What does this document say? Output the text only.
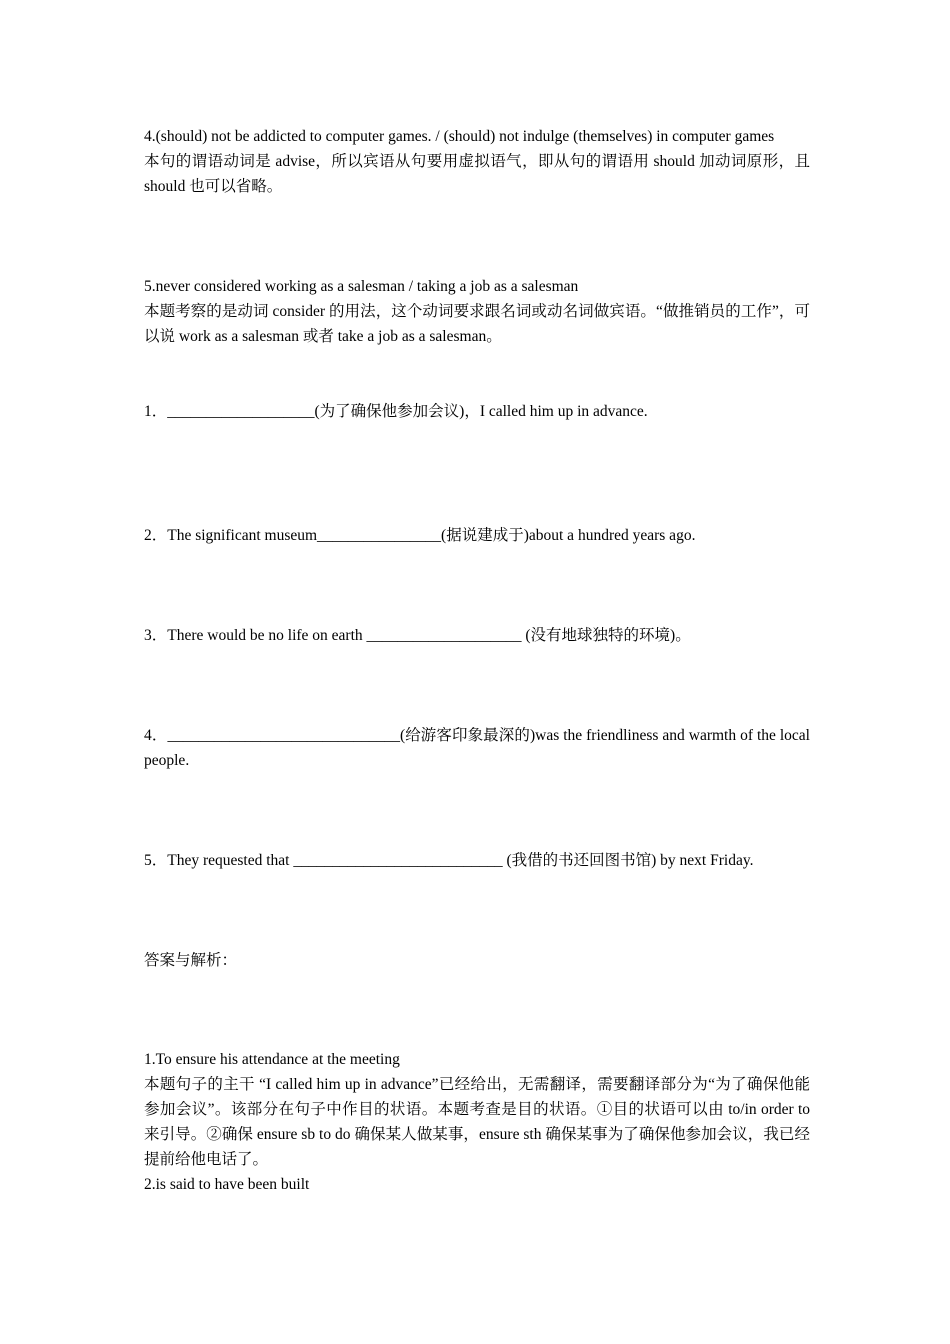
4.(should) not be addicted to computer games. / (should) not indulge (themselves) in computer games

本句的谓语动词是 advise，所以宾语从句要用虚拟语气，即从句的谓语用 should 加动词原形，且 should 也可以省略。

5.never considered working as a salesman / taking a job as a salesman

本题考察的是动词 consider 的用法，这个动词要求跟名词或动名词做宾语。“做推销员的工作”，可以说 work as a salesman 或者 take a job as a salesman。

1．___________________(为了确保他参加会议)，I called him up in advance.

2．The significant museum________________(据说建成于)about a hundred years ago.

3．There would be no life on earth ____________________ (没有地球独特的环境)。

4．______________________________(给游客印象最深的)was the friendliness and warmth of the local people.

5．They requested that ___________________________ (我借的书还回图书馆) by next Friday.

答案与解析：

1.To ensure his attendance at the meeting

本题句子的主干 “I called him up in advance”已经给出，无需翻译，需要翻译部分为“为了确保他能参加会议”。该部分在句子中作目的状语。本题考查是目的状语。①目的状语可以由 to/in order to 来引导。②确保 ensure sb to do 确保某人做某事，ensure sth 确保某事为了确保他参加会议，我已经提前给他电话了。

2.is said to have been built
